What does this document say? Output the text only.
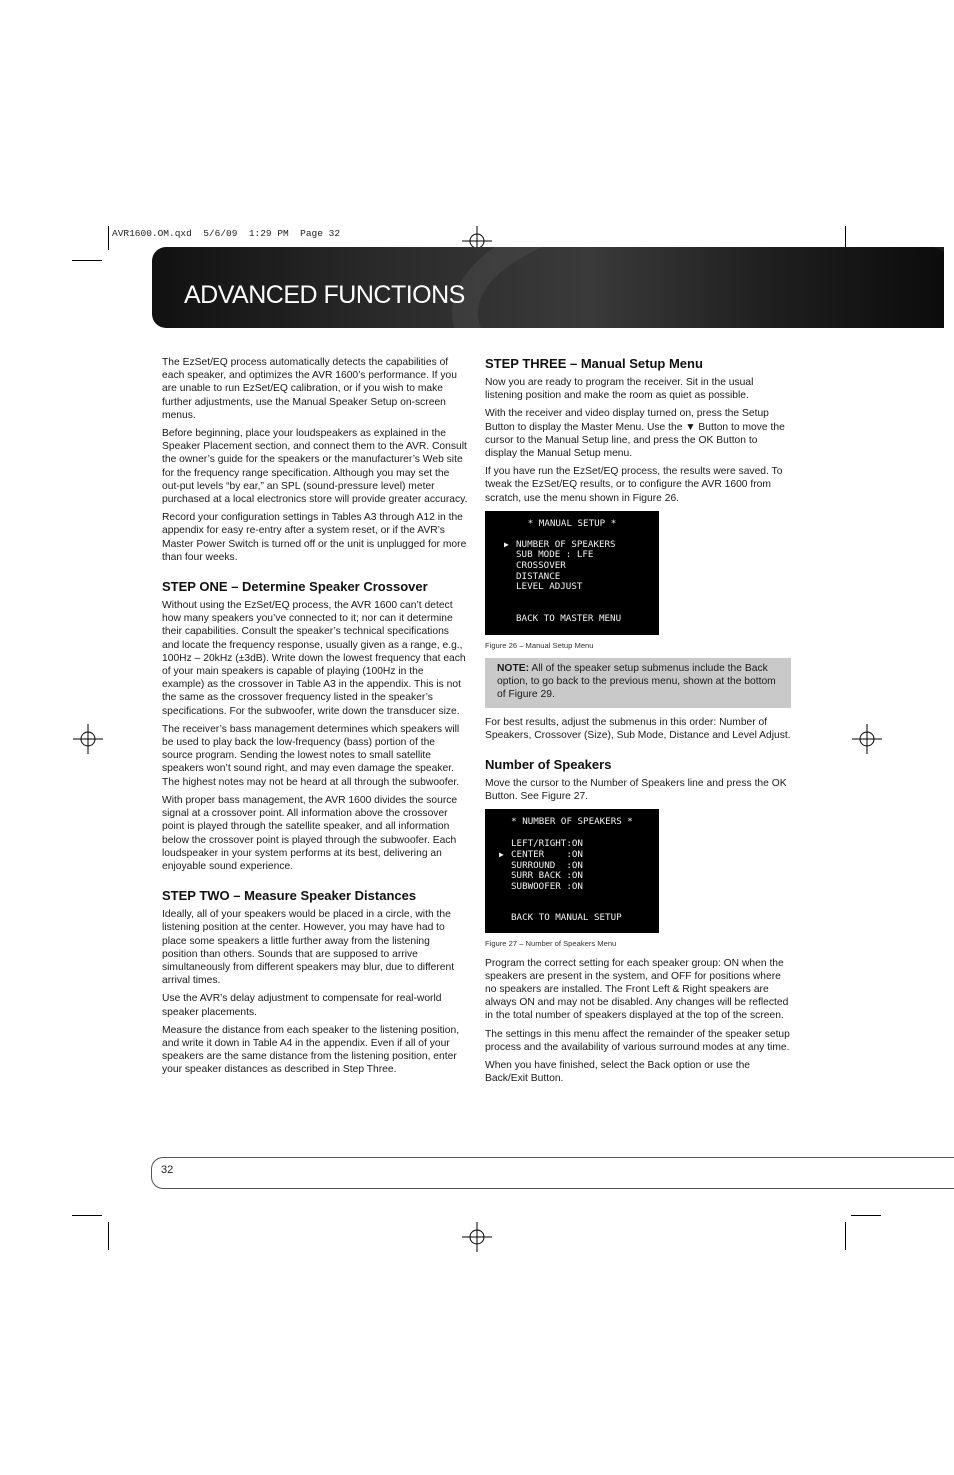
AVR1600.OM.qxd  5/6/09  1:29 PM  Page 32
ADVANCED FUNCTIONS

The EzSet/EQ process automatically detects the capabilities of each speaker, and optimizes the AVR 1600’s performance. If you are unable to run EzSet/EQ calibration, or if you wish to make further adjustments, use the Manual Speaker Setup on-screen menus.

Before beginning, place your loudspeakers as explained in the Speaker Placement section, and connect them to the AVR. Consult the owner’s guide for the speakers or the manufacturer’s Web site for the frequency range specification. Although you may set the out-put levels “by ear,” an SPL (sound-pressure level) meter purchased at a local electronics store will provide greater accuracy.

Record your configuration settings in Tables A3 through A12 in the appendix for easy re-entry after a system reset, or if the AVR’s Master Power Switch is turned off or the unit is unplugged for more than four weeks.

STEP ONE – Determine Speaker Crossover

Without using the EzSet/EQ process, the AVR 1600 can’t detect how many speakers you’ve connected to it; nor can it determine their capabilities. Consult the speaker’s technical specifications and locate the frequency response, usually given as a range, e.g., 100Hz – 20kHz (±3dB). Write down the lowest frequency that each of your main speakers is capable of playing (100Hz in the example) as the crossover in Table A3 in the appendix. This is not the same as the crossover frequency listed in the speaker’s specifications. For the subwoofer, write down the transducer size.

The receiver’s bass management determines which speakers will be used to play back the low-frequency (bass) portion of the source program. Sending the lowest notes to small satellite speakers won’t sound right, and may even damage the speaker. The highest notes may not be heard at all through the subwoofer.

With proper bass management, the AVR 1600 divides the source signal at a crossover point. All information above the crossover point is played through the satellite speaker, and all information below the crossover point is played through the subwoofer. Each loudspeaker in your system performs at its best, delivering an enjoyable sound experience.

STEP TWO – Measure Speaker Distances

Ideally, all of your speakers would be placed in a circle, with the listening position at the center. However, you may have had to place some speakers a little further away from the listening position than others. Sounds that are supposed to arrive simultaneously from different speakers may blur, due to different arrival times.

Use the AVR’s delay adjustment to compensate for real-world speaker placements.

Measure the distance from each speaker to the listening position, and write it down in Table A4 in the appendix. Even if all of your speakers are the same distance from the listening position, enter your speaker distances as described in Step Three.

STEP THREE – Manual Setup Menu

Now you are ready to program the receiver. Sit in the usual listening position and make the room as quiet as possible.

With the receiver and video display turned on, press the Setup Button to display the Master Menu. Use the ▼ Button to move the cursor to the Manual Setup line, and press the OK Button to display the Manual Setup menu.

If you have run the EzSet/EQ process, the results were saved. To tweak the EzSet/EQ results, or to configure the AVR 1600 from scratch, use the menu shown in Figure 26.

* MANUAL SETUP *
▶ NUMBER OF SPEAKERS
SUB MODE : LFE
CROSSOVER
DISTANCE
LEVEL ADJUST
BACK TO MASTER MENU
Figure 26 – Manual Setup Menu
NOTE: All of the speaker setup submenus include the Back option, to go back to the previous menu, shown at the bottom of Figure 29.

For best results, adjust the submenus in this order: Number of Speakers, Crossover (Size), Sub Mode, Distance and Level Adjust.

Number of Speakers

Move the cursor to the Number of Speakers line and press the OK Button. See Figure 27.

* NUMBER OF SPEAKERS *
LEFT/RIGHT:ON
▶ CENTER    :ON
SURROUND  :ON
SURR BACK :ON
SUBWOOFER :ON
BACK TO MANUAL SETUP
Figure 27 – Number of Speakers Menu

Program the correct setting for each speaker group: ON when the speakers are present in the system, and OFF for positions where no speakers are installed. The Front Left & Right speakers are always ON and may not be disabled. Any changes will be reflected in the total number of speakers displayed at the top of the screen.

The settings in this menu affect the remainder of the speaker setup process and the availability of various surround modes at any time.

When you have finished, select the Back option or use the Back/Exit Button.

32
